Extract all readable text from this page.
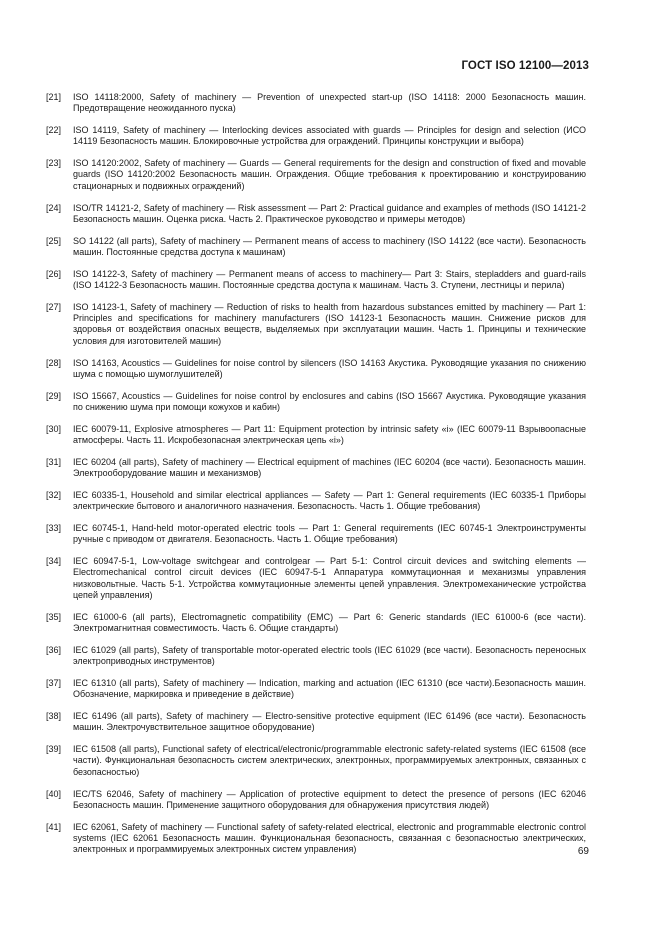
ГОСТ ISO 12100—2013
[21]	ISO 14118:2000, Safety of machinery — Prevention of unexpected start-up (ISO 14118: 2000 Безопасность машин. Предотвращение неожиданного пуска)
[22]	ISO 14119, Safety of machinery — Interlocking devices associated with guards — Principles for design and selection (ИСО 14119 Безопасность машин. Блокировочные устройства для ограждений. Принципы конструкции и выбора)
[23]	ISO 14120:2002, Safety of machinery — Guards — General requirements for the design and construction of fixed and movable guards (ISO 14120:2002 Безопасность машин. Ограждения. Общие требования к проектированию и конструированию стационарных и подвижных ограждений)
[24]	ISO/TR 14121-2, Safety of machinery — Risk assessment — Part 2: Practical guidance and examples of methods (ISO 14121-2 Безопасность машин. Оценка риска. Часть 2. Практическое руководство и примеры методов)
[25]	SO 14122 (all parts), Safety of machinery — Permanent means of access to machinery (ISO 14122 (все части). Безопасность машин. Постоянные средства доступа к машинам)
[26]	ISO 14122-3, Safety of machinery — Permanent means of access to machinery— Part 3: Stairs, stepladders and guard-rails (ISO 14122-3 Безопасность машин. Постоянные средства доступа к машинам. Часть 3. Ступени, лестницы и перила)
[27]	ISO 14123-1, Safety of machinery — Reduction of risks to health from hazardous substances emitted by machinery — Part 1: Principles and specifications for machinery manufacturers (ISO 14123-1 Безопасность машин. Снижение рисков для здоровья от воздействия опасных веществ, выделяемых при эксплуатации машин. Часть 1. Принципы и технические условия для изготовителей машин)
[28]	ISO 14163, Acoustics — Guidelines for noise control by silencers (ISO 14163 Акустика. Руководящие указания по снижению шума с помощью шумоглушителей)
[29]	ISO 15667, Acoustics — Guidelines for noise control by enclosures and cabins (ISO 15667 Акустика. Руководящие указания по снижению шума при помощи кожухов и кабин)
[30]	IEC 60079-11, Explosive atmospheres — Part 11: Equipment protection by intrinsic safety «i» (IEC 60079-11 Взрывоопасные атмосферы. Часть 11. Искробезопасная электрическая цепь «i»)
[31]	IEC 60204 (all parts), Safety of machinery — Electrical equipment of machines (IEC 60204 (все части). Безопасность машин. Электрооборудование машин и механизмов)
[32]	IEC 60335-1, Household and similar electrical appliances — Safety — Part 1: General requirements (IEC 60335-1 Приборы электрические бытового и аналогичного назначения. Безопасность. Часть 1. Общие требования)
[33]	IEC 60745-1, Hand-held motor-operated electric tools — Part 1: General requirements (IEC 60745-1 Электроинструменты ручные с приводом от двигателя. Безопасность. Часть 1. Общие требования)
[34]	IEC 60947-5-1, Low-voltage switchgear and controlgear — Part 5-1: Control circuit devices and switching elements — Electromechanical control circuit devices (IEC 60947-5-1 Аппаратура коммутационная и механизмы управления низковольтные. Часть 5-1. Устройства коммутационные элементы цепей управления. Электромеханические устройства цепей управления)
[35]	IEC 61000-6 (all parts), Electromagnetic compatibility (EMC) — Part 6: Generic standards (IEC 61000-6 (все части). Электромагнитная совместимость. Часть 6. Общие стандарты)
[36]	IEC 61029 (all parts), Safety of transportable motor-operated electric tools (IEC 61029 (все части). Безопасность переносных электроприводных инструментов)
[37]	IEC 61310 (all parts), Safety of machinery — Indication, marking and actuation (IEC 61310 (все части).Безопасность машин. Обозначение, маркировка и приведение в действие)
[38]	IEC 61496 (all parts), Safety of machinery — Electro-sensitive protective equipment (IEC 61496 (все части). Безопасность машин. Электрочувствительное защитное оборудование)
[39]	IEC 61508 (all parts), Functional safety of electrical/electronic/programmable electronic safety-related systems (IEC 61508 (все части). Функциональная безопасность систем электрических, электронных, программируемых электронных, связанных с безопасностью)
[40]	IEC/TS 62046, Safety of machinery — Application of protective equipment to detect the presence of persons (IEC 62046 Безопасность машин. Применение защитного оборудования для обнаружения присутствия людей)
[41]	IEC 62061, Safety of machinery — Functional safety of safety-related electrical, electronic and programmable electronic control systems (IEC 62061 Безопасность машин. Функциональная безопасность, связанная с безопасностью электрических, электронных и программируемых электронных систем управления)	69
